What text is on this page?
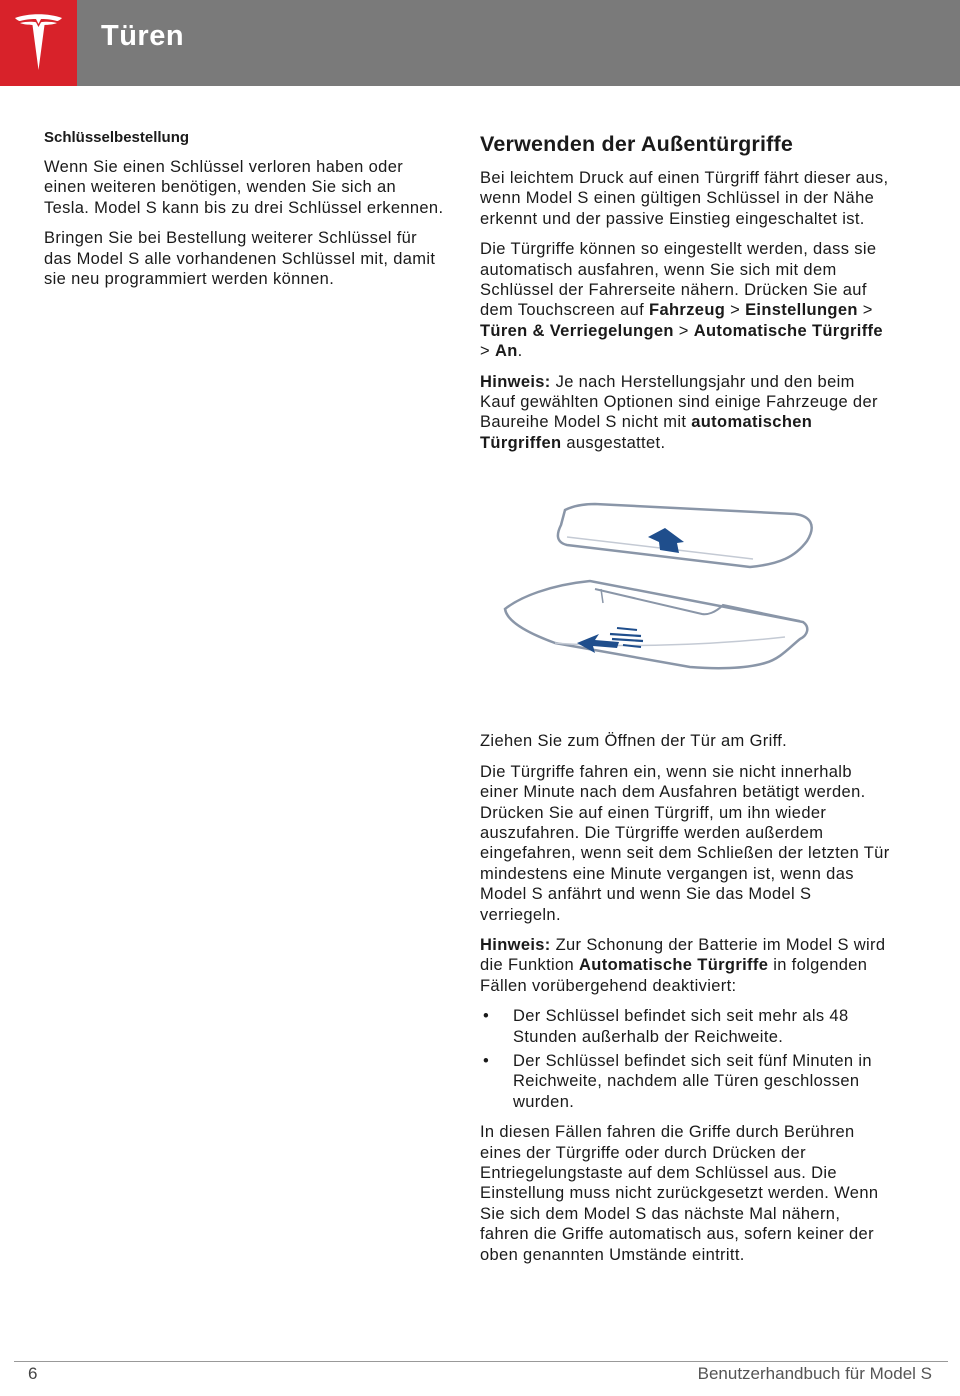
Türen
Schlüsselbestellung

Wenn Sie einen Schlüssel verloren haben oder einen weiteren benötigen, wenden Sie sich an Tesla. Model S kann bis zu drei Schlüssel erkennen.

Bringen Sie bei Bestellung weiterer Schlüssel für das Model S alle vorhandenen Schlüssel mit, damit sie neu programmiert werden können.

Verwenden der Außentürgriffe

Bei leichtem Druck auf einen Türgriff fährt dieser aus, wenn Model S einen gültigen Schlüssel in der Nähe erkennt und der passive Einstieg eingeschaltet ist.

Die Türgriffe können so eingestellt werden, dass sie automatisch ausfahren, wenn Sie sich mit dem Schlüssel der Fahrerseite nähern. Drücken Sie auf dem Touchscreen auf Fahrzeug > Einstellungen > Türen & Verriegelungen > Automatische Türgriffe > An.

Hinweis: Je nach Herstellungsjahr und den beim Kauf gewählten Optionen sind einige Fahrzeuge der Baureihe Model S nicht mit automatischen Türgriffen ausgestattet.

Ziehen Sie zum Öffnen der Tür am Griff.

Die Türgriffe fahren ein, wenn sie nicht innerhalb einer Minute nach dem Ausfahren betätigt werden. Drücken Sie auf einen Türgriff, um ihn wieder auszufahren. Die Türgriffe werden außerdem eingefahren, wenn seit dem Schließen der letzten Tür mindestens eine Minute vergangen ist, wenn das Model S anfährt und wenn Sie das Model S verriegeln.

Hinweis: Zur Schonung der Batterie im Model S wird die Funktion Automatische Türgriffe in folgenden Fällen vorübergehend deaktiviert:

• Der Schlüssel befindet sich seit mehr als 48 Stunden außerhalb der Reichweite.
• Der Schlüssel befindet sich seit fünf Minuten in Reichweite, nachdem alle Türen geschlossen wurden.

In diesen Fällen fahren die Griffe durch Berühren eines der Türgriffe oder durch Drücken der Entriegelungstaste auf dem Schlüssel aus. Die Einstellung muss nicht zurückgesetzt werden. Wenn Sie sich dem Model S das nächste Mal nähern, fahren die Griffe automatisch aus, sofern keiner der oben genannten Umstände eintritt.

6	Benutzerhandbuch für Model S
